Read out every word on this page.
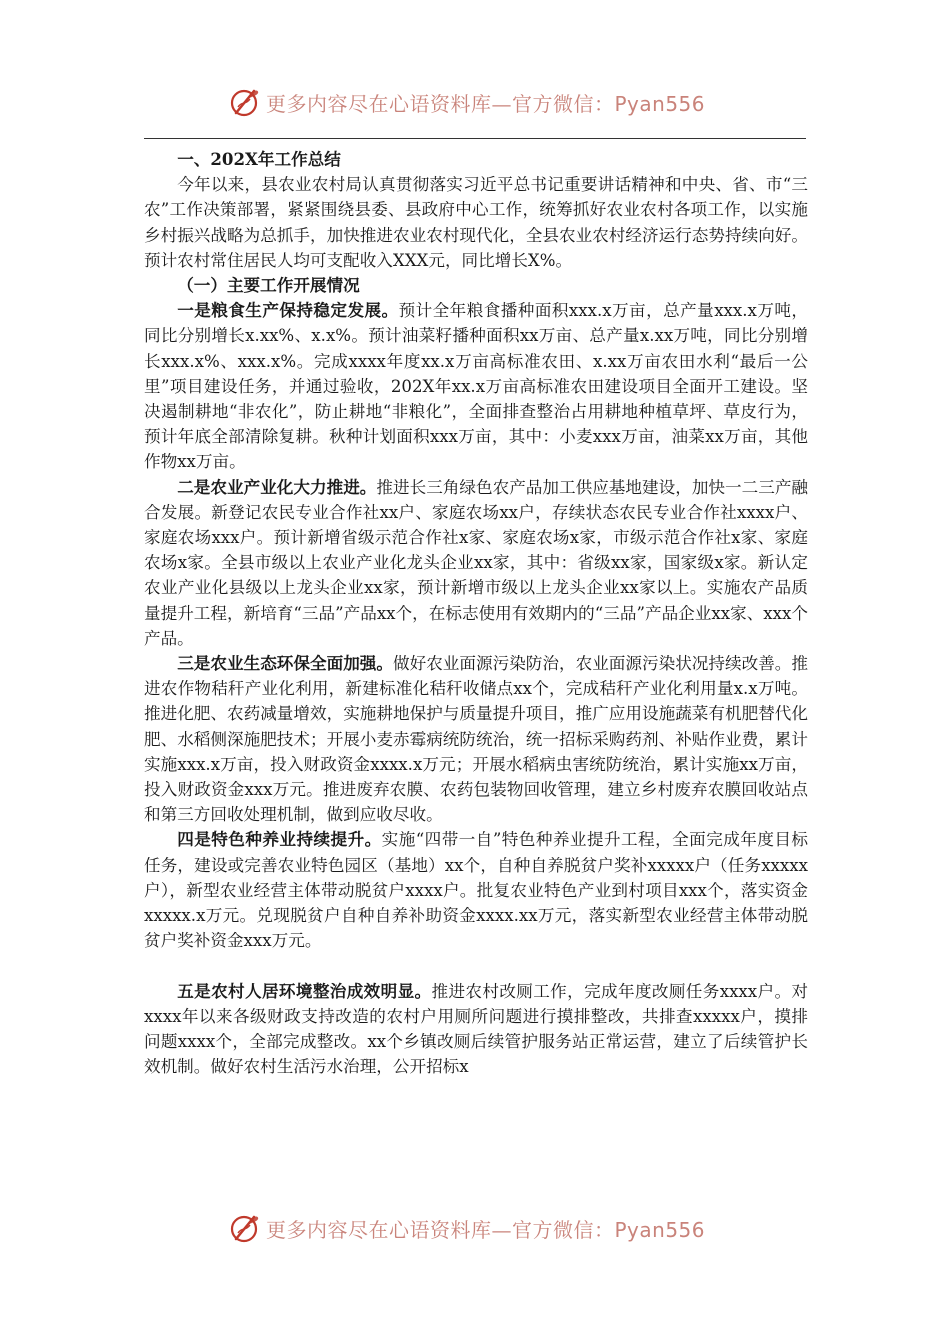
更多内容尽在心语资料库—官方微信：Pyan556

一、202X年工作总结

今年以来，县农业农村局认真贯彻落实习近平总书记重要讲话精神和中央、省、市“三农”工作决策部署，紧紧围绕县委、县政府中心工作，统筹抓好农业农村各项工作，以实施乡村振兴战略为总抓手，加快推进农业农村现代化，全县农业农村经济运行态势持续向好。预计农村常住居民人均可支配收入XXX元，同比增长X%。

（一）主要工作开展情况

一是粮食生产保持稳定发展。预计全年粮食播种面积xxx.x万亩，总产量xxx.x万吨，同比分别增长x.xx%、x.x%。预计油菜籽播种面积xx万亩、总产量x.xx万吨，同比分别增长xxx.x%、xxx.x%。完成xxxx年度xx.x万亩高标准农田、x.xx万亩农田水利“最后一公里”项目建设任务，并通过验收，202X年xx.x万亩高标准农田建设项目全面开工建设。坚决遏制耕地“非农化”，防止耕地“非粮化”，全面排查整治占用耕地种植草坪、草皮行为，预计年底全部清除复耕。秋种计划面积xxx万亩，其中：小麦xxx万亩，油菜xx万亩，其他作物xx万亩。

二是农业产业化大力推进。推进长三角绿色农产品加工供应基地建设，加快一二三产融合发展。新登记农民专业合作社xx户、家庭农场xx户，存续状态农民专业合作社xxxx户、家庭农场xxx户。预计新增省级示范合作社x家、家庭农场x家，市级示范合作社x家、家庭农场x家。全县市级以上农业产业化龙头企业xx家，其中：省级xx家，国家级x家。新认定农业产业化县级以上龙头企业xx家，预计新增市级以上龙头企业xx家以上。实施农产品质量提升工程，新培育“三品”产品xx个，在标志使用有效期内的“三品”产品企业xx家、xxx个产品。

三是农业生态环保全面加强。做好农业面源污染防治，农业面源污染状况持续改善。推进农作物秸秆产业化利用，新建标准化秸秆收储点xx个，完成秸秆产业化利用量x.x万吨。推进化肥、农药减量增效，实施耕地保护与质量提升项目，推广应用设施蔬菜有机肥替代化肥、水稻侧深施肥技术；开展小麦赤霉病统防统治，统一招标采购药剂、补贴作业费，累计实施xxx.x万亩，投入财政资金xxxx.x万元；开展水稻病虫害统防统治，累计实施xx万亩，投入财政资金xxx万元。推进废弃农膜、农药包装物回收管理，建立乡村废弃农膜回收站点和第三方回收处理机制，做到应收尽收。

四是特色种养业持续提升。实施“四带一自”特色种养业提升工程，全面完成年度目标任务，建设或完善农业特色园区（基地）xx个，自种自养脱贫户奖补xxxxx户（任务xxxxx户），新型农业经营主体带动脱贫户xxxx户。批复农业特色产业到村项目xxx个，落实资金xxxxx.x万元。兑现脱贫户自种自养补助资金xxxx.xx万元，落实新型农业经营主体带动脱贫户奖补资金xxx万元。

五是农村人居环境整治成效明显。推进农村改厕工作，完成年度改厕任务xxxx户。对xxxx年以来各级财政支持改造的农村户用厕所问题进行摸排整改，共排查xxxxx户，摸排问题xxxx个，全部完成整改。xx个乡镇改厕后续管护服务站正常运营，建立了后续管护长效机制。做好农村生活污水治理，公开招标x

更多内容尽在心语资料库—官方微信：Pyan556
